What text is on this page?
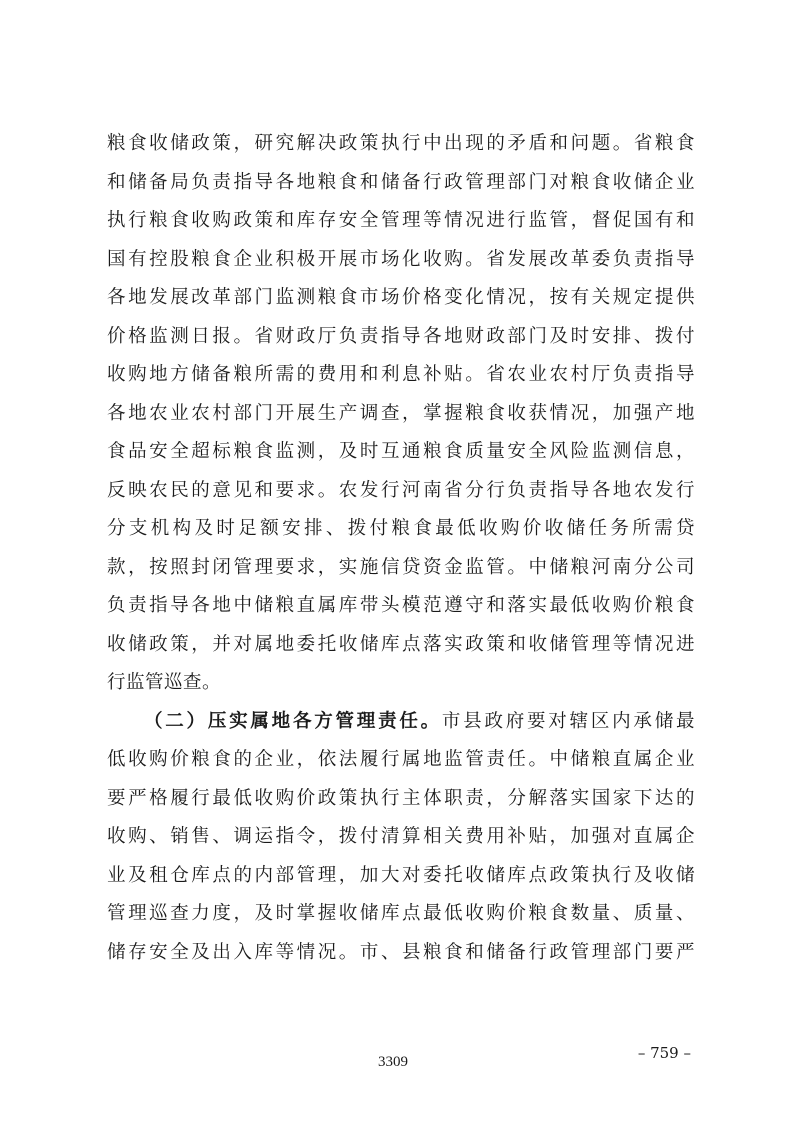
粮食收储政策，研究解决政策执行中出现的矛盾和问题。省粮食
和储备局负责指导各地粮食和储备行政管理部门对粮食收储企业
执行粮食收购政策和库存安全管理等情况进行监管，督促国有和
国有控股粮食企业积极开展市场化收购。省发展改革委负责指导
各地发展改革部门监测粮食市场价格变化情况，按有关规定提供
价格监测日报。省财政厅负责指导各地财政部门及时安排、拨付
收购地方储备粮所需的费用和利息补贴。省农业农村厅负责指导
各地农业农村部门开展生产调查，掌握粮食收获情况，加强产地
食品安全超标粮食监测，及时互通粮食质量安全风险监测信息，
反映农民的意见和要求。农发行河南省分行负责指导各地农发行
分支机构及时足额安排、拨付粮食最低收购价收储任务所需贷
款，按照封闭管理要求，实施信贷资金监管。中储粮河南分公司
负责指导各地中储粮直属库带头模范遵守和落实最低收购价粮食
收储政策，并对属地委托收储库点落实政策和收储管理等情况进
行监管巡查。
（二）压实属地各方管理责任。市县政府要对辖区内承储最
低收购价粮食的企业，依法履行属地监管责任。中储粮直属企业
要严格履行最低收购价政策执行主体职责，分解落实国家下达的
收购、销售、调运指令，拨付清算相关费用补贴，加强对直属企
业及租仓库点的内部管理，加大对委托收储库点政策执行及收储
管理巡查力度，及时掌握收储库点最低收购价粮食数量、质量、
储存安全及出入库等情况。市、县粮食和储备行政管理部门要严
– 759 –
3309
